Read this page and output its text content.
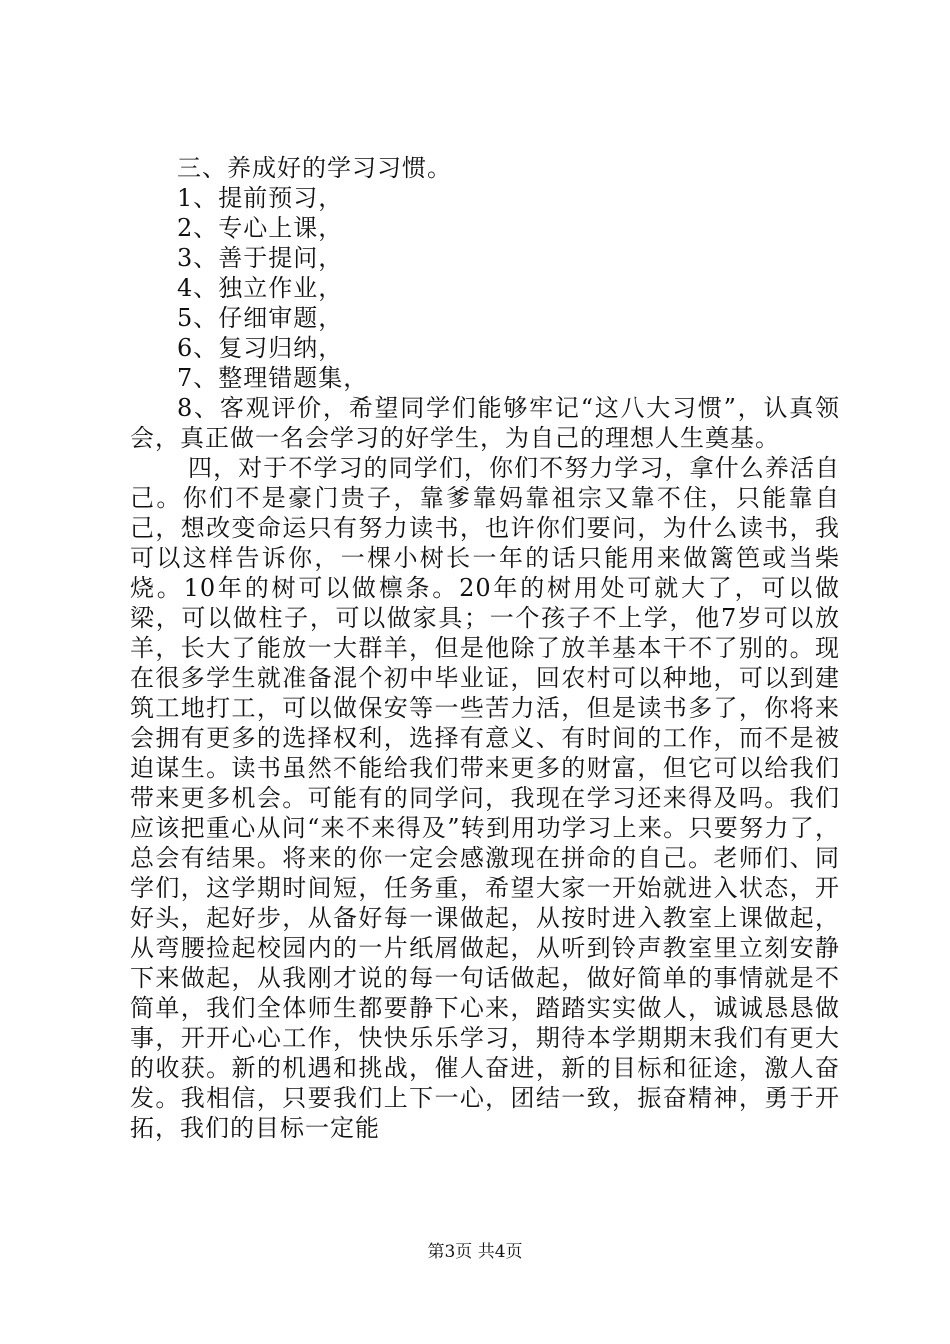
三、养成好的学习习惯。
1、提前预习，
2、专心上课，
3、善于提问，
4、独立作业，
5、仔细审题，
6、复习归纳，
7、整理错题集，

8、客观评价，希望同学们能够牢记“这八大习惯”，认真领会，真正做一名会学习的好学生，为自己的理想人生奠基。

四，对于不学习的同学们，你们不努力学习，拿什么养活自己。你们不是豪门贵子，靠爹靠妈靠祖宗又靠不住，只能靠自己，想改变命运只有努力读书，也许你们要问，为什么读书，我可以这样告诉你，一棵小树长一年的话只能用来做篱笆或当柴烧。10年的树可以做檩条。20年的树用处可就大了，可以做梁，可以做柱子，可以做家具；一个孩子不上学，他7岁可以放羊，长大了能放一大群羊，但是他除了放羊基本干不了别的。现在很多学生就准备混个初中毕业证，回农村可以种地，可以到建筑工地打工，可以做保安等一些苦力活，但是读书多了，你将来会拥有更多的选择权利，选择有意义、有时间的工作，而不是被迫谋生。读书虽然不能给我们带来更多的财富，但它可以给我们带来更多机会。可能有的同学问，我现在学习还来得及吗。我们应该把重心从问“来不来得及”转到用功学习上来。只要努力了，总会有结果。将来的你一定会感激现在拼命的自己。老师们、同学们，这学期时间短，任务重，希望大家一开始就进入状态，开好头，起好步，从备好每一课做起，从按时进入教室上课做起，从弯腰捡起校园内的一片纸屑做起，从听到铃声教室里立刻安静下来做起，从我刚才说的每一句话做起，做好简单的事情就是不简单，我们全体师生都要静下心来，踏踏实实做人，诚诚恳恳做事，开开心心工作，快快乐乐学习，期待本学期期末我们有更大的收获。新的机遇和挑战，催人奋进，新的目标和征途，激人奋发。我相信，只要我们上下一心，团结一致，振奋精神，勇于开拓，我们的目标一定能

第3页 共4页
